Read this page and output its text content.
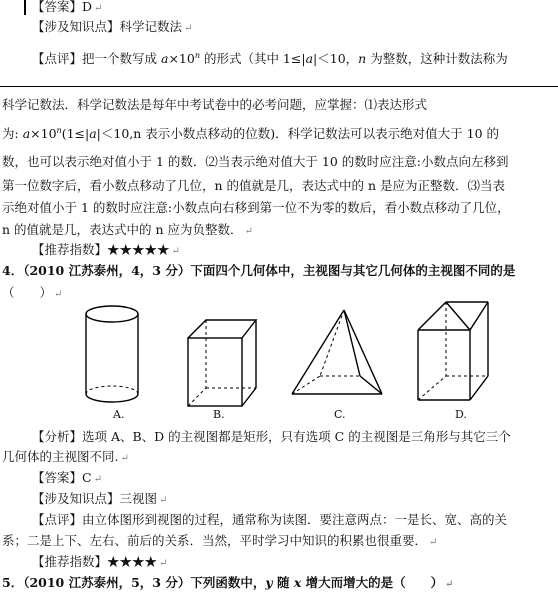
【答案】D ↵
【涉及知识点】科学记数法 ↵
【点评】把一个数写成 $a\times 10^n$ 的形式（其中 1≤|a|＜10，n 为整数，这种计数法称为
科学记数法．科学记数法是每年中考试卷中的必考问题，应掌握：⑴表达形式
为: $a\times 10^n(1\le|a|<10,n$ 表示小数点移动的位数)．科学记数法可以表示绝对值大于 10 的
数，也可以表示绝对值小于 1 的数．⑵当表示绝对值大于 10 的数时应注意:小数点向左移到
第一位数字后，看小数点移动了几位，n 的值就是几，表达式中的 n 是应为正整数．⑶当表
示绝对值小于 1 的数时应注意:小数点向右移到第一位不为零的数后，看小数点移动了几位，
n 的值就是几，表达式中的 n 应为负整数． ↵
【推荐指数】★★★★★ ↵
4．（2010 江苏泰州，4，3 分）下面四个几何体中，主视图与其它几何体的主视图不同的是
（　　） ↵
A.	B.	C.	D.
【分析】选项 A、B、D 的主视图都是矩形，只有选项 C 的主视图是三角形与其它三个
几何体的主视图不同. ↵
【答案】C ↵
【涉及知识点】三视图 ↵
【点评】由立体图形到视图的过程，通常称为读图．要注意两点：一是长、宽、高的关
系；二是上下、左右、前后的关系．当然，平时学习中知识的积累也很重要． ↵
【推荐指数】★★★★ ↵
5．（2010 江苏泰州，5，3 分）下列函数中，y 随 x 增大而增大的是（　　） ↵
